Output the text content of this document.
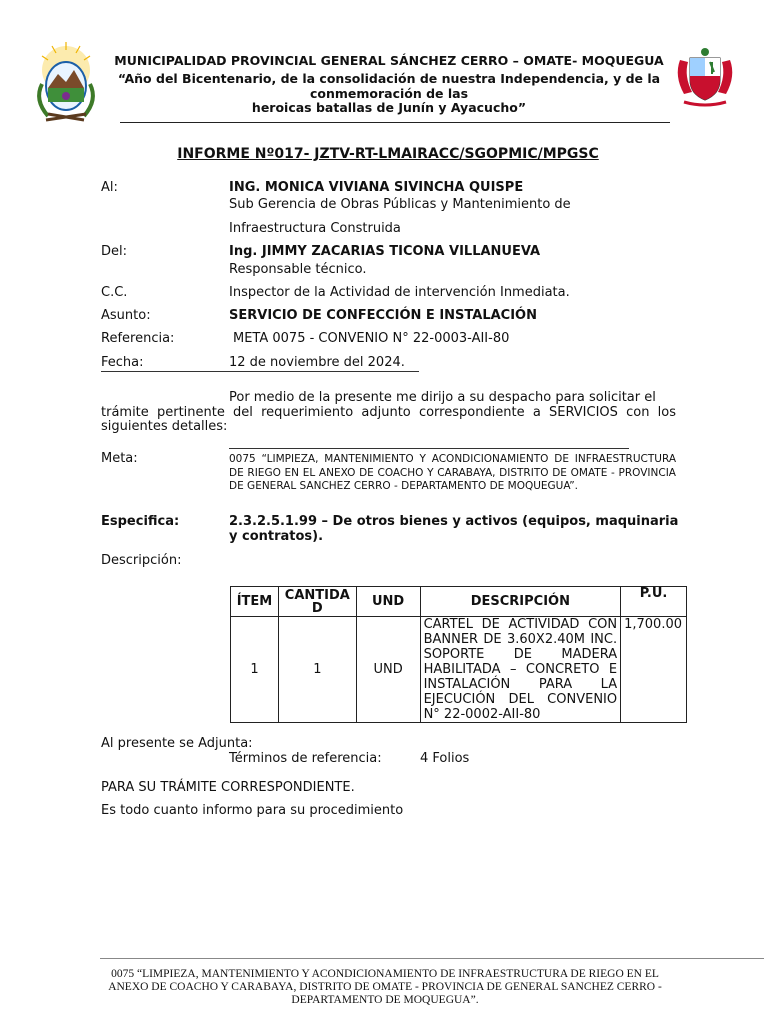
MUNICIPALIDAD PROVINCIAL GENERAL SÁNCHEZ CERRO – OMATE- MOQUEGUA
“Año del Bicentenario, de la consolidación de nuestra Independencia, y de la conmemoración de las
heroicas batallas de Junín y Ayacucho”
INFORME Nº017- JZTV-RT-LMAIRACC/SGOPMIC/MPGSC
Al:	ING. MONICA VIVIANA SIVINCHA QUISPE
Sub Gerencia de Obras Públicas y Mantenimiento de
Infraestructura Construida
Del:	Ing. JIMMY ZACARIAS TICONA VILLANUEVA
Responsable técnico.
C.C.	Inspector de la Actividad de intervención Inmediata.
Asunto:	SERVICIO DE CONFECCIÓN E INSTALACIÓN
Referencia:	META 0075 - CONVENIO N° 22-0003-AII-80
Fecha:	12 de noviembre del 2024.
Por medio de la presente me dirijo a su despacho para solicitar el
trámite pertinente del requerimiento adjunto correspondiente a SERVICIOS con los siguientes detalles:
Meta:	0075 “LIMPIEZA, MANTENIMIENTO Y ACONDICIONAMIENTO DE INFRAESTRUCTURA DE RIEGO EN EL ANEXO DE COACHO Y CARABAYA, DISTRITO DE OMATE - PROVINCIA DE GENERAL SANCHEZ CERRO - DEPARTAMENTO DE MOQUEGUA”.
Especifica:	2.3.2.5.1.99 – De otros bienes y activos (equipos, maquinaria y contratos).
Descripción:
ÍTEM	CANTIDAD	UND	DESCRIPCIÓN	P.U.
1	1	UND	CARTEL DE ACTIVIDAD CON BANNER DE 3.60X2.40M INC. SOPORTE DE MADERA HABILITADA – CONCRETO E INSTALACIÓN PARA LA EJECUCIÓN DEL CONVENIO N° 22-0002-AII-80	1,700.00
Al presente se Adjunta:
Términos de referencia:	4 Folios
PARA SU TRÁMITE CORRESPONDIENTE.
Es todo cuanto informo para su procedimiento
0075 “LIMPIEZA, MANTENIMIENTO Y ACONDICIONAMIENTO DE INFRAESTRUCTURA DE RIEGO EN EL ANEXO DE COACHO Y CARABAYA, DISTRITO DE OMATE - PROVINCIA DE GENERAL SANCHEZ CERRO - DEPARTAMENTO DE MOQUEGUA”.
